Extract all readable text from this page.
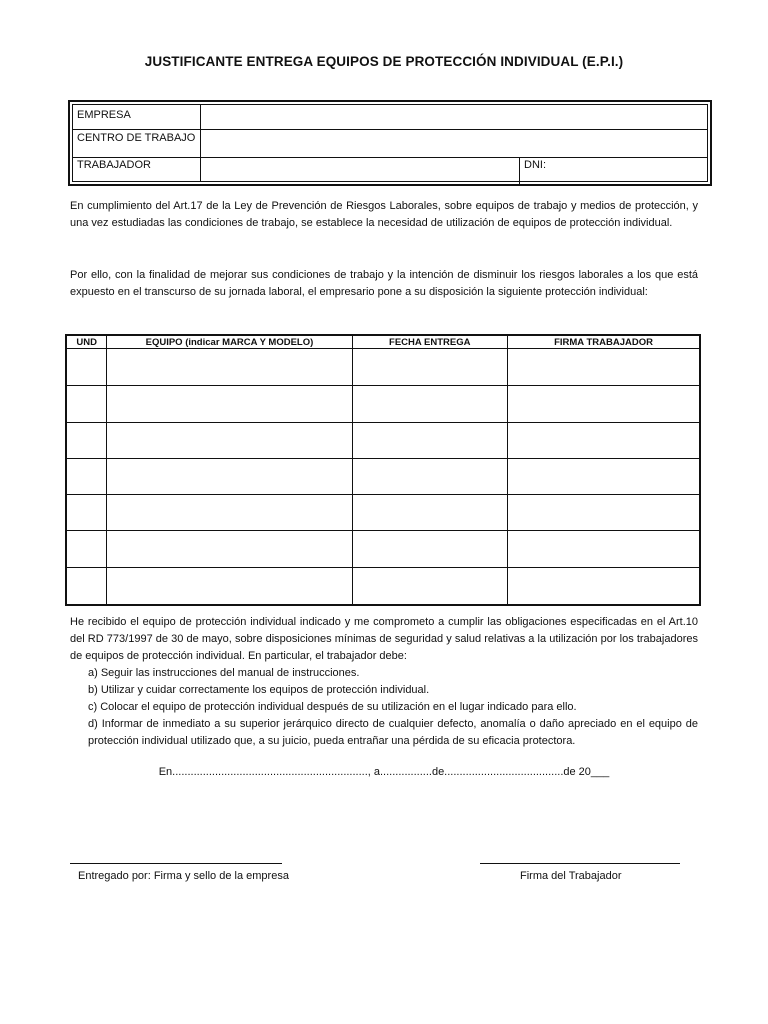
JUSTIFICANTE ENTREGA EQUIPOS DE PROTECCIÓN INDIVIDUAL (E.P.I.)
EMPRESA
CENTRO DE TRABAJO
TRABAJADOR	DNI:
En cumplimiento del Art.17 de la Ley de Prevención de Riesgos Laborales, sobre equipos de trabajo y medios de protección, y una vez estudiadas las condiciones de trabajo, se establece la necesidad de utilización de equipos de protección individual.
Por ello, con la finalidad de mejorar sus condiciones de trabajo y la intención de disminuir los riesgos laborales a los que está expuesto en el transcurso de su jornada laboral, el empresario pone a su disposición la siguiente protección individual:
UND	EQUIPO (indicar MARCA Y MODELO)	FECHA ENTREGA	FIRMA TRABAJADOR

He recibido el equipo de protección individual indicado y me comprometo a cumplir las obligaciones especificadas en el Art.10 del RD 773/1997 de 30 de mayo, sobre disposiciones mínimas de seguridad y salud relativas a la utilización por los trabajadores de equipos de protección individual. En particular, el trabajador debe:
a) Seguir las instrucciones del manual de instrucciones.
b) Utilizar y cuidar correctamente los equipos de protección individual.
c) Colocar el equipo de protección individual después de su utilización en el lugar indicado para ello.
d) Informar de inmediato a su superior jerárquico directo de cualquier defecto, anomalía o daño apreciado en el equipo de protección individual utilizado que, a su juicio, pueda entrañar una pérdida de su eficacia protectora.
En................................................................, a.................de.......................................de 20___
Entregado por: Firma y sello de la empresa	Firma del Trabajador
